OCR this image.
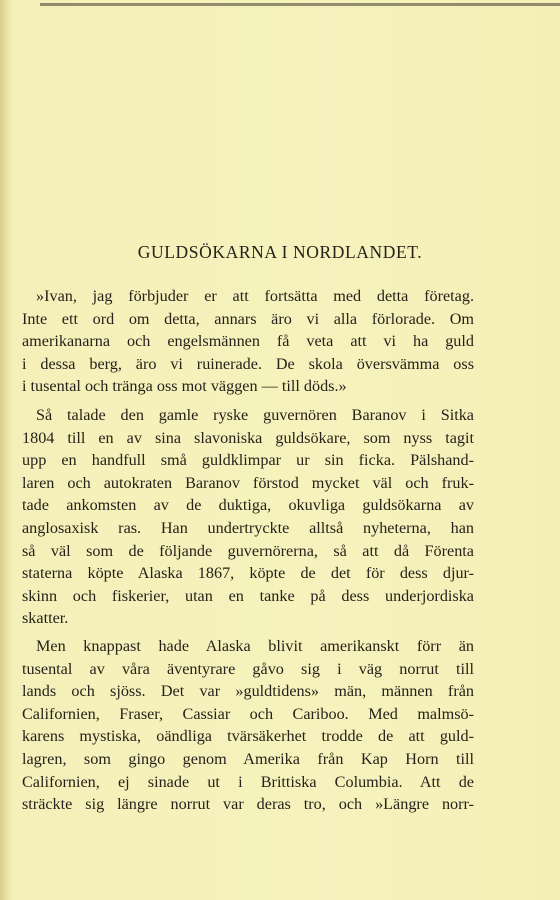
GULDSÖKARNA I NORDLANDET.
»Ivan, jag förbjuder er att fortsätta med detta företag.
Inte ett ord om detta, annars äro vi alla förlorade. Om
amerikanarna och engelsmännen få veta att vi ha guld
i dessa berg, äro vi ruinerade. De skola översvämma oss
i tusental och tränga oss mot väggen — till döds.»
Så talade den gamle ryske guvernören Baranov i Sitka
1804 till en av sina slavoniska guldsökare, som nyss tagit
upp en handfull små guldklimpar ur sin ficka. Pälshand-
laren och autokraten Baranov förstod mycket väl och fruk-
tade ankomsten av de duktiga, okuvliga guldsökarna av
anglosaxisk ras. Han undertryckte alltså nyheterna, han
så väl som de följande guvernörerna, så att då Förenta
staterna köpte Alaska 1867, köpte de det för dess djur-
skinn och fiskerier, utan en tanke på dess underjordiska
skatter.
Men knappast hade Alaska blivit amerikanskt förr än
tusental av våra äventyrare gåvo sig i väg norrut till
lands och sjöss. Det var »guldtidens» män, männen från
Californien, Fraser, Cassiar och Cariboo. Med malmsö-
karens mystiska, oändliga tvärsäkerhet trodde de att guld-
lagren, som gingo genom Amerika från Kap Horn till
Californien, ej sinade ut i Brittiska Columbia. Att de
sträckte sig längre norrut var deras tro, och »Längre norr-
